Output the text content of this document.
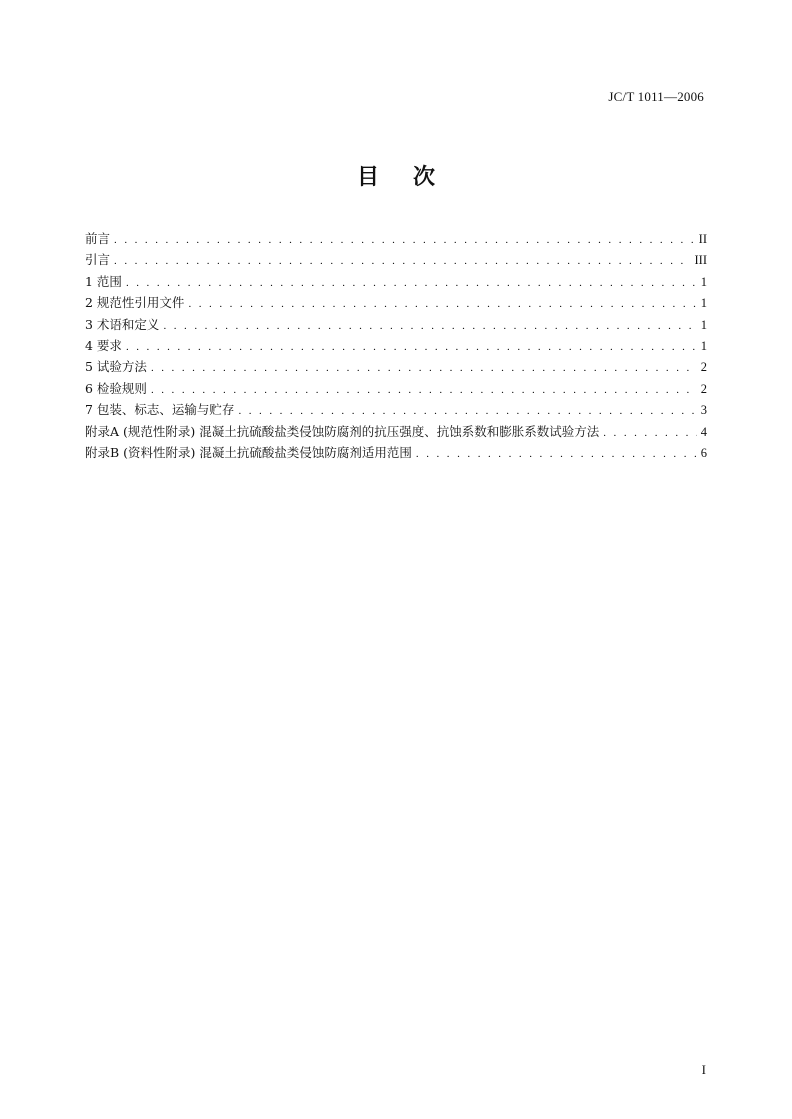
JC/T 1011—2006
目次
前言 . . .	II
引言 . . .	III
1 范围 . . .	1
2 规范性引用文件 . . .	1
3 术语和定义 . . .	1
4 要求 . . .	1
5 试验方法 . . .	2
6 检验规则 . . .	2
7 包装、标志、运输与贮存 . . .	3
附录A (规范性附录) 混凝土抗硫酸盐类侵蚀防腐剂的抗压强度、抗蚀系数和膨胀系数试验方法 . . .	4
附录B (资料性附录) 混凝土抗硫酸盐类侵蚀防腐剂适用范围 . . .	6
I
